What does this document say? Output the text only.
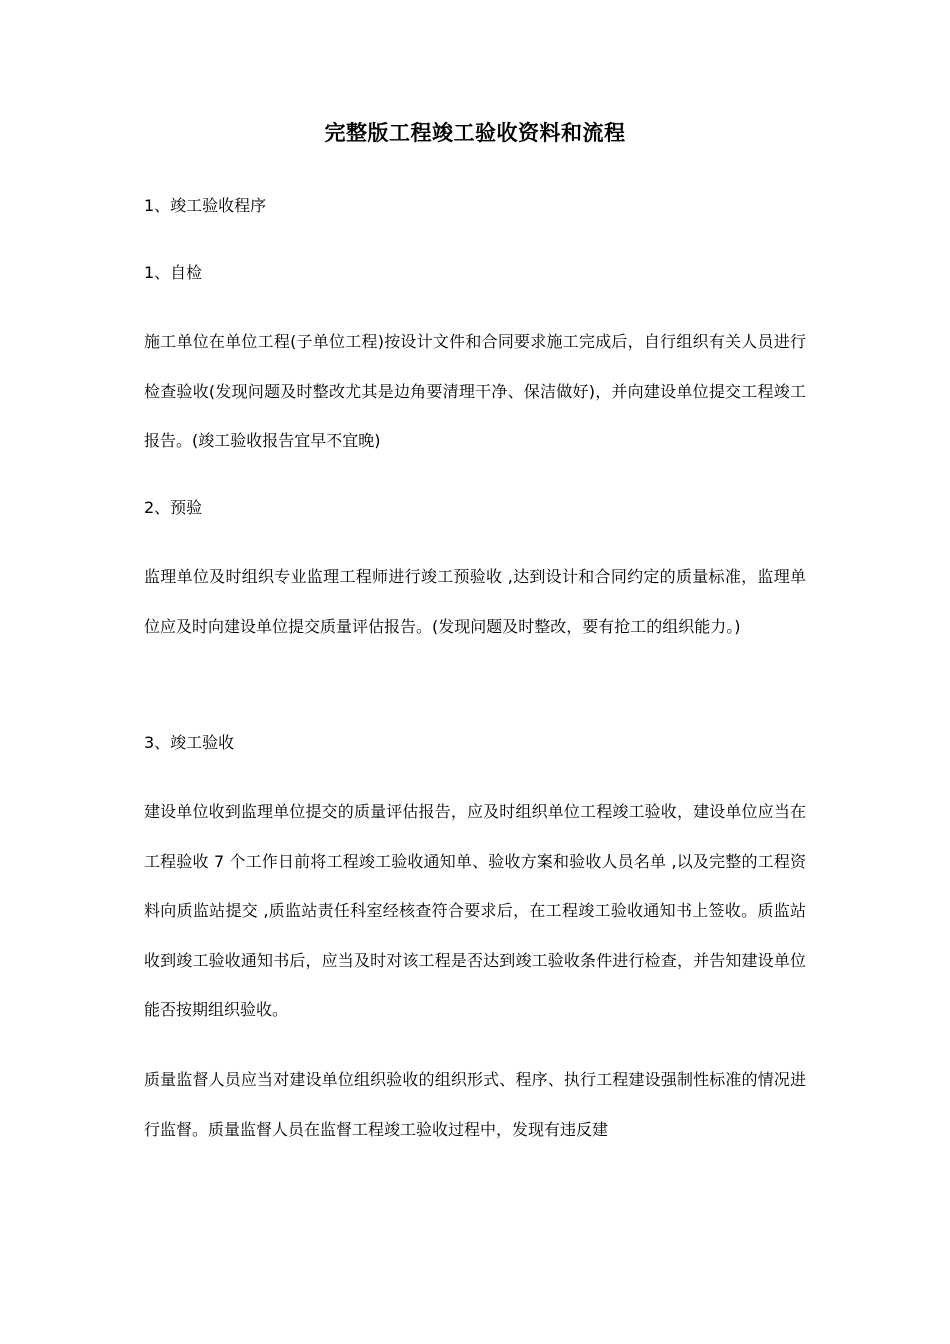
完整版工程竣工验收资料和流程
1、竣工验收程序
1、自检
施工单位在单位工程(子单位工程)按设计文件和合同要求施工完成后，自行组织有关人员进行检查验收(发现问题及时整改尤其是边角要清理干净、保洁做好)，并向建设单位提交工程竣工报告。(竣工验收报告宜早不宜晚)
2、预验
监理单位及时组织专业监理工程师进行竣工预验收 ,达到设计和合同约定的质量标准，监理单位应及时向建设单位提交质量评估报告。(发现问题及时整改，要有抢工的组织能力。)
3、竣工验收
建设单位收到监理单位提交的质量评估报告，应及时组织单位工程竣工验收，建设单位应当在工程验收 7 个工作日前将工程竣工验收通知单、验收方案和验收人员名单 ,以及完整的工程资料向质监站提交 ,质监站责任科室经核查符合要求后，在工程竣工验收通知书上签收。质监站收到竣工验收通知书后，应当及时对该工程是否达到竣工验收条件进行检查，并告知建设单位能否按期组织验收。
质量监督人员应当对建设单位组织验收的组织形式、程序、执行工程建设强制性标准的情况进行监督。质量监督人员在监督工程竣工验收过程中，发现有违反建
